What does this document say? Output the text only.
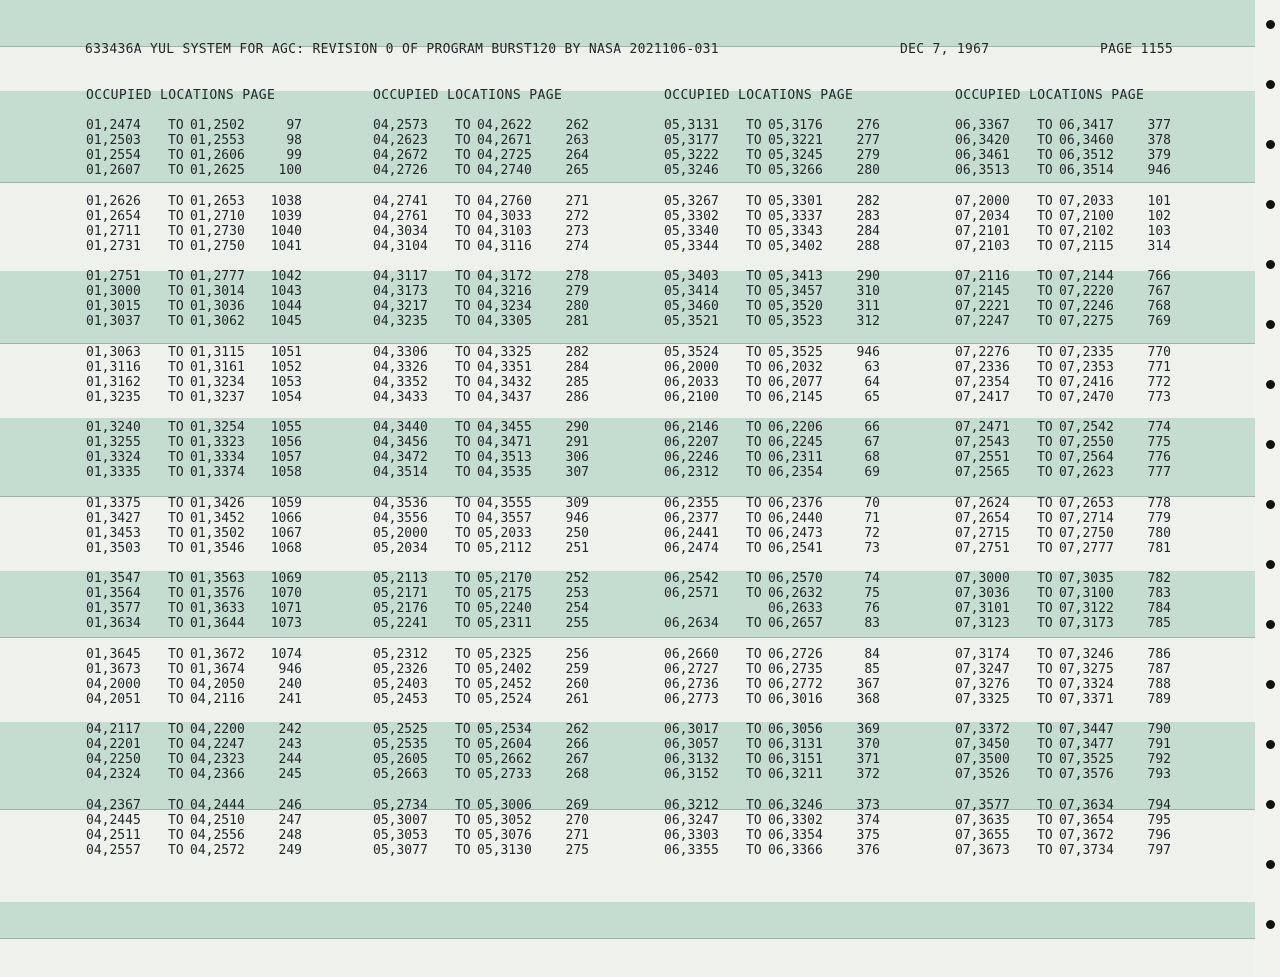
633436A YUL SYSTEM FOR AGC: REVISION 0 OF PROGRAM BURST120 BY NASA 2021106-031	DEC 7, 1967	PAGE 1155
OCCUPIED LOCATIONS PAGE
01,2474 TO 01,2502	97
01,2503 TO 01,2553	98
01,2554 TO 01,2606	99
01,2607 TO 01,2625	100
01,2626 TO 01,2653	1038
01,2654 TO 01,2710	1039
01,2711 TO 01,2730	1040
01,2731 TO 01,2750	1041
01,2751 TO 01,2777	1042
01,3000 TO 01,3014	1043
01,3015 TO 01,3036	1044
01,3037 TO 01,3062	1045
01,3063 TO 01,3115	1051
01,3116 TO 01,3161	1052
01,3162 TO 01,3234	1053
01,3235 TO 01,3237	1054
01,3240 TO 01,3254	1055
01,3255 TO 01,3323	1056
01,3324 TO 01,3334	1057
01,3335 TO 01,3374	1058
01,3375 TO 01,3426	1059
01,3427 TO 01,3452	1066
01,3453 TO 01,3502	1067
01,3503 TO 01,3546	1068
01,3547 TO 01,3563	1069
01,3564 TO 01,3576	1070
01,3577 TO 01,3633	1071
01,3634 TO 01,3644	1073
01,3645 TO 01,3672	1074
01,3673 TO 01,3674	946
04,2000 TO 04,2050	240
04,2051 TO 04,2116	241
04,2117 TO 04,2200	242
04,2201 TO 04,2247	243
04,2250 TO 04,2323	244
04,2324 TO 04,2366	245
04,2367 TO 04,2444	246
04,2445 TO 04,2510	247
04,2511 TO 04,2556	248
04,2557 TO 04,2572	249
OCCUPIED LOCATIONS PAGE
04,2573 TO 04,2622	262
04,2623 TO 04,2671	263
04,2672 TO 04,2725	264
04,2726 TO 04,2740	265
04,2741 TO 04,2760	271
04,2761 TO 04,3033	272
04,3034 TO 04,3103	273
04,3104 TO 04,3116	274
04,3117 TO 04,3172	278
04,3173 TO 04,3216	279
04,3217 TO 04,3234	280
04,3235 TO 04,3305	281
04,3306 TO 04,3325	282
04,3326 TO 04,3351	284
04,3352 TO 04,3432	285
04,3433 TO 04,3437	286
04,3440 TO 04,3455	290
04,3456 TO 04,3471	291
04,3472 TO 04,3513	306
04,3514 TO 04,3535	307
04,3536 TO 04,3555	309
04,3556 TO 04,3557	946
05,2000 TO 05,2033	250
05,2034 TO 05,2112	251
05,2113 TO 05,2170	252
05,2171 TO 05,2175	253
05,2176 TO 05,2240	254
05,2241 TO 05,2311	255
05,2312 TO 05,2325	256
05,2326 TO 05,2402	259
05,2403 TO 05,2452	260
05,2453 TO 05,2524	261
05,2525 TO 05,2534	262
05,2535 TO 05,2604	266
05,2605 TO 05,2662	267
05,2663 TO 05,2733	268
05,2734 TO 05,3006	269
05,3007 TO 05,3052	270
05,3053 TO 05,3076	271
05,3077 TO 05,3130	275
OCCUPIED LOCATIONS PAGE
05,3131 TO 05,3176	276
05,3177 TO 05,3221	277
05,3222 TO 05,3245	279
05,3246 TO 05,3266	280
05,3267 TO 05,3301	282
05,3302 TO 05,3337	283
05,3340 TO 05,3343	284
05,3344 TO 05,3402	288
05,3403 TO 05,3413	290
05,3414 TO 05,3457	310
05,3460 TO 05,3520	311
05,3521 TO 05,3523	312
05,3524 TO 05,3525	946
06,2000 TO 06,2032	63
06,2033 TO 06,2077	64
06,2100 TO 06,2145	65
06,2146 TO 06,2206	66
06,2207 TO 06,2245	67
06,2246 TO 06,2311	68
06,2312 TO 06,2354	69
06,2355 TO 06,2376	70
06,2377 TO 06,2440	71
06,2441 TO 06,2473	72
06,2474 TO 06,2541	73
06,2542 TO 06,2570	74
06,2571 TO 06,2632	75
06,2633	76
06,2634 TO 06,2657	83
06,2660 TO 06,2726	84
06,2727 TO 06,2735	85
06,2736 TO 06,2772	367
06,2773 TO 06,3016	368
06,3017 TO 06,3056	369
06,3057 TO 06,3131	370
06,3132 TO 06,3151	371
06,3152 TO 06,3211	372
06,3212 TO 06,3246	373
06,3247 TO 06,3302	374
06,3303 TO 06,3354	375
06,3355 TO 06,3366	376
OCCUPIED LOCATIONS PAGE
06,3367 TO 06,3417	377
06,3420 TO 06,3460	378
06,3461 TO 06,3512	379
06,3513 TO 06,3514	946
07,2000 TO 07,2033	101
07,2034 TO 07,2100	102
07,2101 TO 07,2102	103
07,2103 TO 07,2115	314
07,2116 TO 07,2144	766
07,2145 TO 07,2220	767
07,2221 TO 07,2246	768
07,2247 TO 07,2275	769
07,2276 TO 07,2335	770
07,2336 TO 07,2353	771
07,2354 TO 07,2416	772
07,2417 TO 07,2470	773
07,2471 TO 07,2542	774
07,2543 TO 07,2550	775
07,2551 TO 07,2564	776
07,2565 TO 07,2623	777
07,2624 TO 07,2653	778
07,2654 TO 07,2714	779
07,2715 TO 07,2750	780
07,2751 TO 07,2777	781
07,3000 TO 07,3035	782
07,3036 TO 07,3100	783
07,3101 TO 07,3122	784
07,3123 TO 07,3173	785
07,3174 TO 07,3246	786
07,3247 TO 07,3275	787
07,3276 TO 07,3324	788
07,3325 TO 07,3371	789
07,3372 TO 07,3447	790
07,3450 TO 07,3477	791
07,3500 TO 07,3525	792
07,3526 TO 07,3576	793
07,3577 TO 07,3634	794
07,3635 TO 07,3654	795
07,3655 TO 07,3672	796
07,3673 TO 07,3734	797
